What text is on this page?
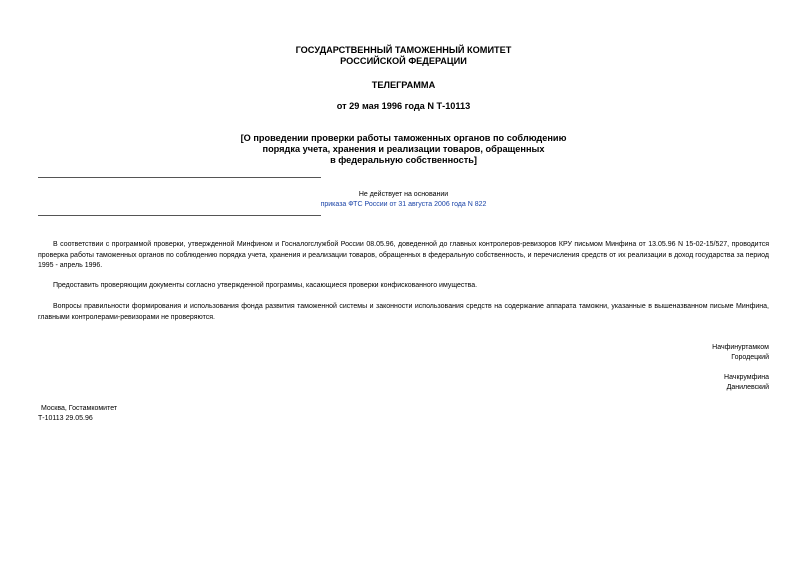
ГОСУДАРСТВЕННЫЙ ТАМОЖЕННЫЙ КОМИТЕТ
РОССИЙСКОЙ ФЕДЕРАЦИИ
ТЕЛЕГРАММА
от 29 мая 1996 года N Т-10113
[О проведении проверки работы таможенных органов по соблюдению
порядка учета, хранения и реализации товаров, обращенных
в федеральную собственность]
Не действует на основании
приказа ФТС России от 31 августа 2006 года N 822
В соответствии с программой проверки, утвержденной Минфином и Госналогслужбой России 08.05.96, доведенной до главных контролеров-ревизоров КРУ письмом Минфина от 13.05.96 N 15-02-15/527, проводится проверка работы таможенных органов по соблюдению порядка учета, хранения и реализации товаров, обращенных в федеральную собственность, и перечисления средств от их реализации в доход государства за период 1995 - апрель 1996.
Предоставить проверяющим документы согласно утвержденной программы, касающиеся проверки конфискованного имущества.
Вопросы правильности формирования и использования фонда развития таможенной системы и законности использования средств на содержание аппарата таможни, указанные в вышеназванном письме Минфина, главными контролерами-ревизорами не проверяются.
Начфинуртамком
Городецкий
Начкрумфина
Данилевский
Москва, Гостамкомитет
Т-10113 29.05.96
